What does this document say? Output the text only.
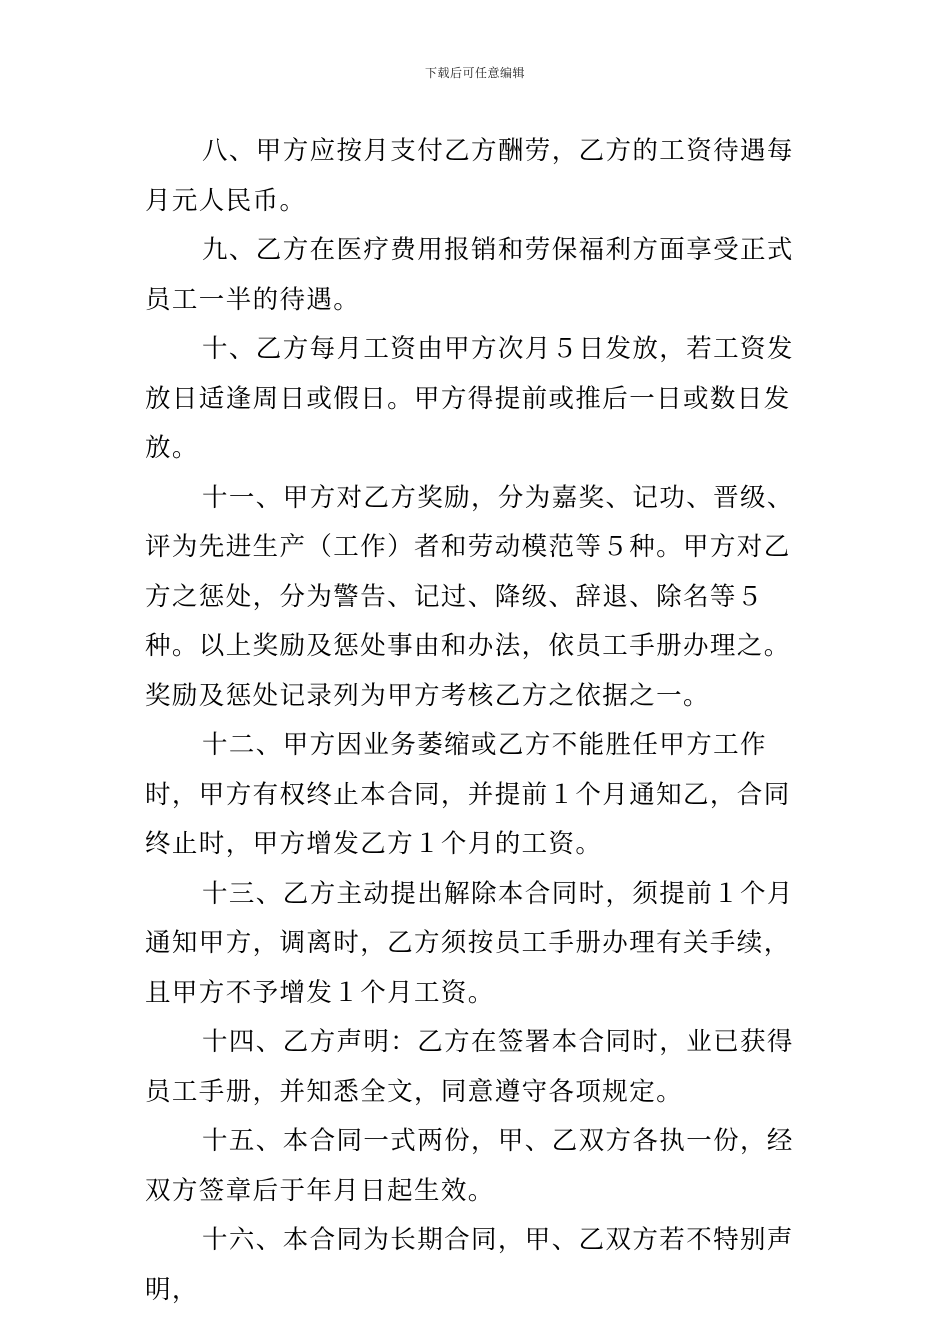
下载后可任意编辑

八、甲方应按月支付乙方酬劳，乙方的工资待遇每月元人民币。

九、乙方在医疗费用报销和劳保福利方面享受正式员工一半的待遇。

十、乙方每月工资由甲方次月５日发放，若工资发放日适逢周日或假日。甲方得提前或推后一日或数日发放。

十一、甲方对乙方奖励，分为嘉奖、记功、晋级、评为先进生产（工作）者和劳动模范等５种。甲方对乙方之惩处，分为警告、记过、降级、辞退、除名等５种。以上奖励及惩处事由和办法，依员工手册办理之。奖励及惩处记录列为甲方考核乙方之依据之一。

十二、甲方因业务萎缩或乙方不能胜任甲方工作时，甲方有权终止本合同，并提前１个月通知乙，合同终止时，甲方增发乙方１个月的工资。

十三、乙方主动提出解除本合同时，须提前１个月通知甲方，调离时，乙方须按员工手册办理有关手续，且甲方不予增发１个月工资。

十四、乙方声明：乙方在签署本合同时，业已获得员工手册，并知悉全文，同意遵守各项规定。

十五、本合同一式两份，甲、乙双方各执一份，经双方签章后于年月日起生效。

十六、本合同为长期合同，甲、乙双方若不特别声明，
